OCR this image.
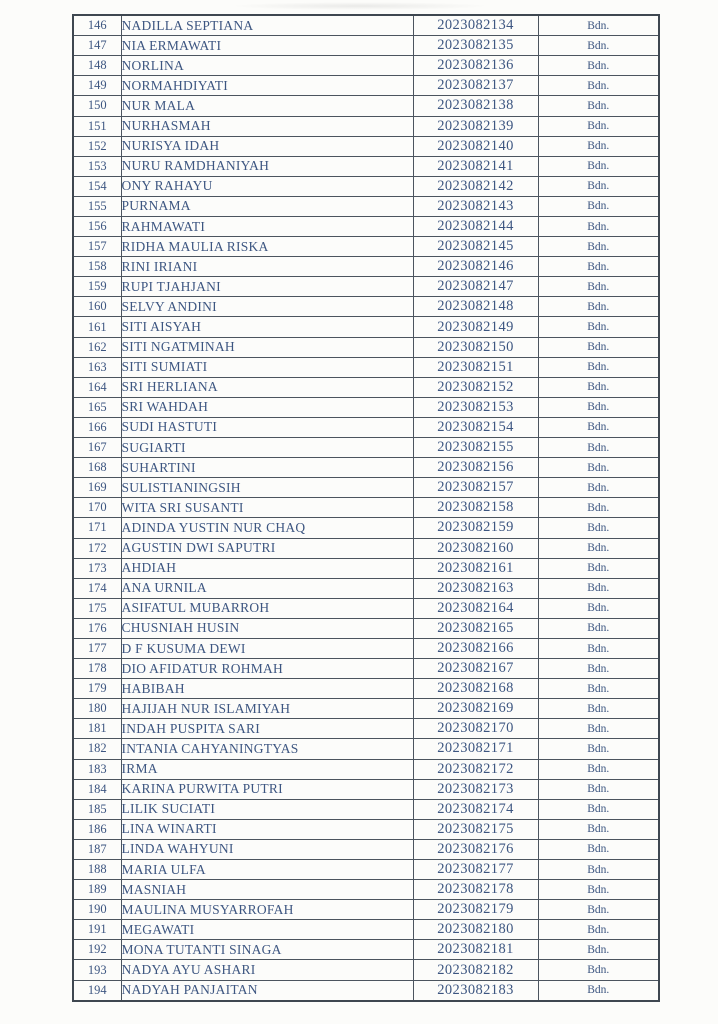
146	NADILLA SEPTIANA	2023082134	Bdn.
147	NIA ERMAWATI	2023082135	Bdn.
148	NORLINA	2023082136	Bdn.
149	NORMAHDIYATI	2023082137	Bdn.
150	NUR MALA	2023082138	Bdn.
151	NURHASMAH	2023082139	Bdn.
152	NURISYA IDAH	2023082140	Bdn.
153	NURU RAMDHANIYAH	2023082141	Bdn.
154	ONY RAHAYU	2023082142	Bdn.
155	PURNAMA	2023082143	Bdn.
156	RAHMAWATI	2023082144	Bdn.
157	RIDHA MAULIA RISKA	2023082145	Bdn.
158	RINI IRIANI	2023082146	Bdn.
159	RUPI TJAHJANI	2023082147	Bdn.
160	SELVY ANDINI	2023082148	Bdn.
161	SITI AISYAH	2023082149	Bdn.
162	SITI NGATMINAH	2023082150	Bdn.
163	SITI SUMIATI	2023082151	Bdn.
164	SRI HERLIANA	2023082152	Bdn.
165	SRI WAHDAH	2023082153	Bdn.
166	SUDI HASTUTI	2023082154	Bdn.
167	SUGIARTI	2023082155	Bdn.
168	SUHARTINI	2023082156	Bdn.
169	SULISTIANINGSIH	2023082157	Bdn.
170	WITA SRI SUSANTI	2023082158	Bdn.
171	ADINDA YUSTIN NUR CHAQ	2023082159	Bdn.
172	AGUSTIN DWI SAPUTRI	2023082160	Bdn.
173	AHDIAH	2023082161	Bdn.
174	ANA URNILA	2023082163	Bdn.
175	ASIFATUL MUBARROH	2023082164	Bdn.
176	CHUSNIAH HUSIN	2023082165	Bdn.
177	D F KUSUMA DEWI	2023082166	Bdn.
178	DIO AFIDATUR ROHMAH	2023082167	Bdn.
179	HABIBAH	2023082168	Bdn.
180	HAJIJAH NUR ISLAMIYAH	2023082169	Bdn.
181	INDAH PUSPITA SARI	2023082170	Bdn.
182	INTANIA CAHYANINGTYAS	2023082171	Bdn.
183	IRMA	2023082172	Bdn.
184	KARINA PURWITA PUTRI	2023082173	Bdn.
185	LILIK SUCIATI	2023082174	Bdn.
186	LINA WINARTI	2023082175	Bdn.
187	LINDA WAHYUNI	2023082176	Bdn.
188	MARIA ULFA	2023082177	Bdn.
189	MASNIAH	2023082178	Bdn.
190	MAULINA MUSYARROFAH	2023082179	Bdn.
191	MEGAWATI	2023082180	Bdn.
192	MONA TUTANTI SINAGA	2023082181	Bdn.
193	NADYA AYU ASHARI	2023082182	Bdn.
194	NADYAH PANJAITAN	2023082183	Bdn.
